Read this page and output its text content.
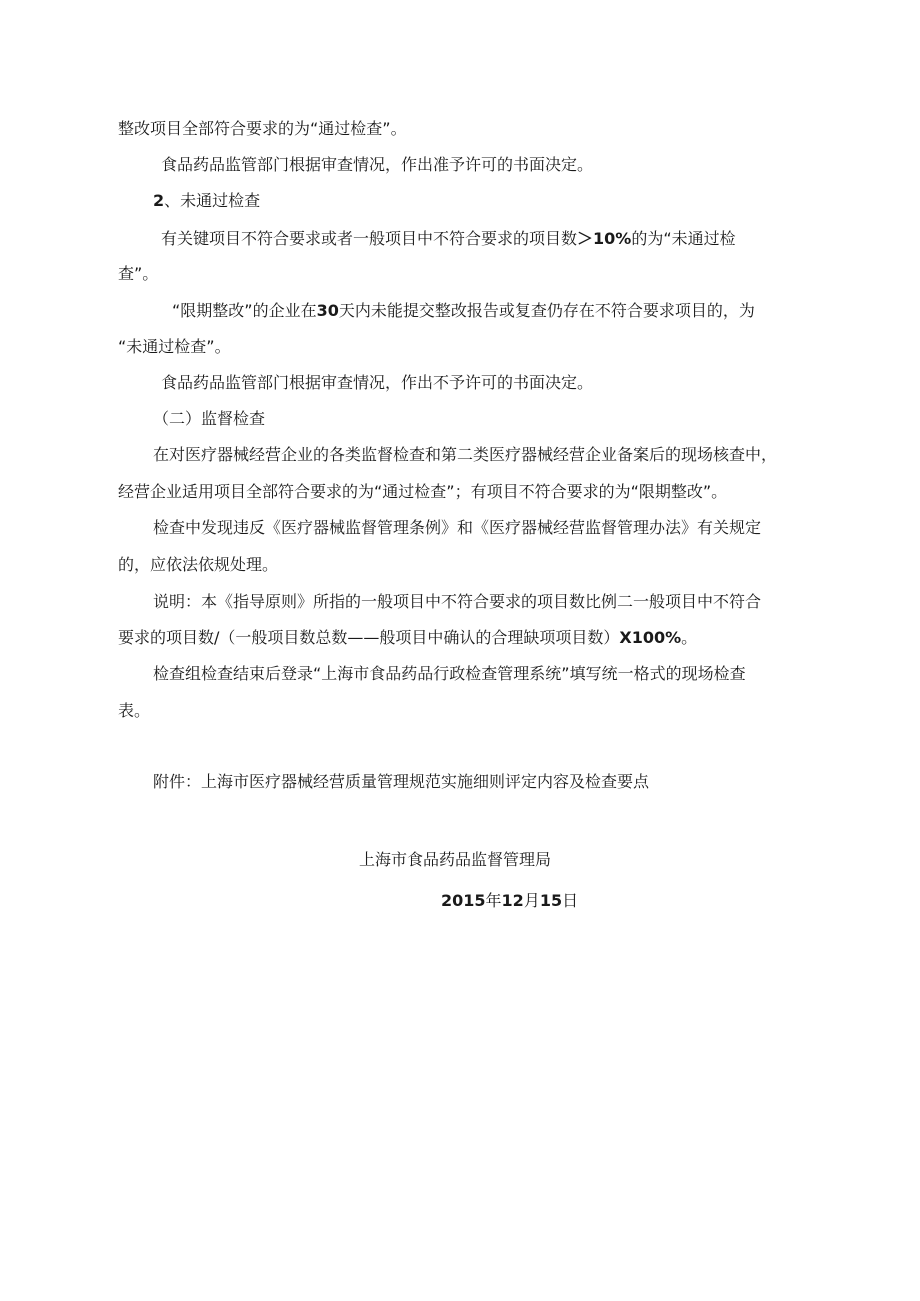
整改项目全部符合要求的为“通过检查”。
食品药品监管部门根据审查情况，作出准予许可的书面决定。
2、未通过检查
有关键项目不符合要求或者一般项目中不符合要求的项目数＞10%的为“未通过检
查”。
“限期整改”的企业在30天内未能提交整改报告或复查仍存在不符合要求项目的，为
“未通过检查”。
食品药品监管部门根据审查情况，作出不予许可的书面决定。
（二）监督检查
在对医疗器械经营企业的各类监督检查和第二类医疗器械经营企业备案后的现场核查中，
经营企业适用项目全部符合要求的为“通过检查”；有项目不符合要求的为“限期整改”。
检查中发现违反《医疗器械监督管理条例》和《医疗器械经营监督管理办法》有关规定
的，应依法依规处理。
说明：本《指导原则》所指的一般项目中不符合要求的项目数比例二一般项目中不符合
要求的项目数/（一般项目数总数——般项目中确认的合理缺项项目数）X100%。
检查组检查结束后登录“上海市食品药品行政检查管理系统”填写统一格式的现场检查
表。
附件：上海市医疗器械经营质量管理规范实施细则评定内容及检查要点
上海市食品药品监督管理局
2015年12月15日
